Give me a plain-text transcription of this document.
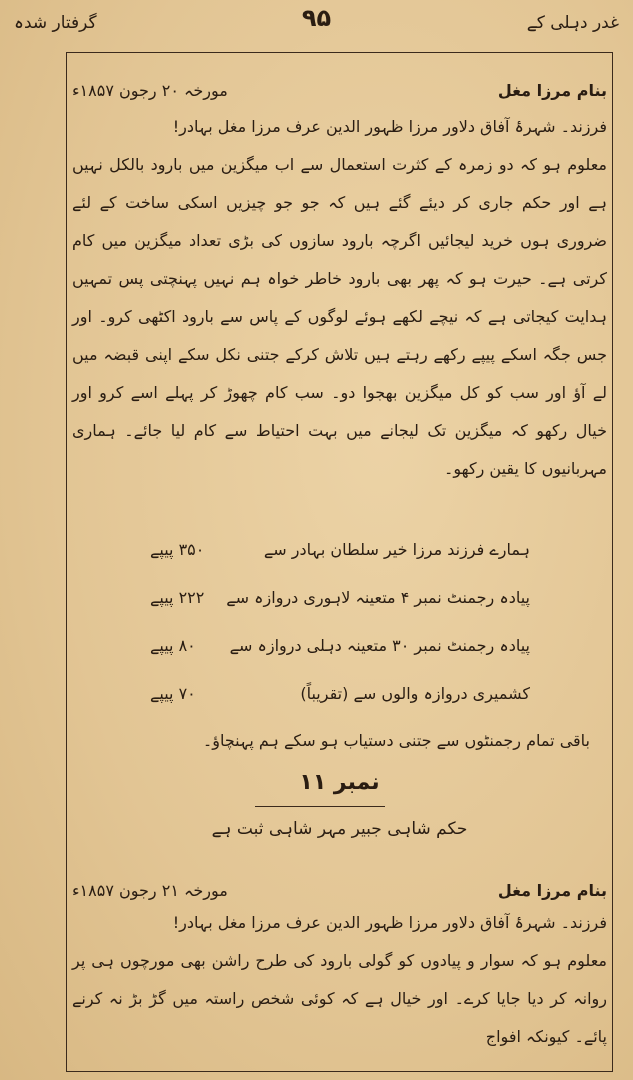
غدر دہلی کے
۹۵
گرفتار شدہ
بنام مرزا مغل
مورخہ ۲۰ رجون ۱۸۵۷ء

فرزند۔ شہرۂ آفاق دلاور مرزا ظہور الدین عرف مرزا مغل بہادر!

معلوم ہو کہ دو زمرہ کے کثرت استعمال سے اب میگزین میں بارود بالکل نہیں ہے اور حکم جاری کر دیئے گئے ہیں کہ جو جو چیزیں اسکی ساخت کے لئے ضروری ہوں خرید لیجائیں اگرچہ بارود سازوں کی بڑی تعداد میگزین میں کام کرتی ہے۔ حیرت ہو کہ پھر بھی بارود خاطر خواہ ہم نہیں پہنچتی پس تمہیں ہدایت کیجاتی ہے کہ نیچے لکھے ہوئے لوگوں کے پاس سے بارود اکٹھی کرو۔ اور جس جگہ اسکے پیپے رکھے رہتے ہیں تلاش کرکے جتنی نکل سکے اپنی قبضہ میں لے آؤ اور سب کو کل میگزین بھجوا دو۔ سب کام چھوڑ کر پہلے اسے کرو اور خیال رکھو کہ میگزین تک لیجانے میں بہت احتیاط سے کام لیا جائے۔ ہماری مہربانیوں کا یقین رکھو۔

ہمارے فرزند مرزا خیر سلطان بہادر سے
۳۵۰ پیپے
پیادہ رجمنٹ نمبر ۴ متعینہ لاہوری دروازہ سے
۲۲۲ پیپے
پیادہ رجمنٹ نمبر ۳۰ متعینہ دہلی دروازہ سے
۸۰ پیپے
کشمیری دروازہ والوں سے (تقریباً)
۷۰ پیپے

باقی تمام رجمنٹوں سے جتنی دستیاب ہو سکے ہم پہنچاؤ۔

نمبر ۱۱
حکم شاہی جبیر مہر شاہی ثبت ہے
بنام مرزا مغل
مورخہ ۲۱ رجون ۱۸۵۷ء

فرزند۔ شہرۂ آفاق دلاور مرزا ظہور الدین عرف مرزا مغل بہادر!

معلوم ہو کہ سوار و پیادوں کو گولی بارود کی طرح راشن بھی مورچوں ہی پر روانہ کر دیا جایا کرے۔ اور خیال ہے کہ کوئی شخص راستہ میں گڑ بڑ نہ کرنے پائے۔ کیونکہ افواج
